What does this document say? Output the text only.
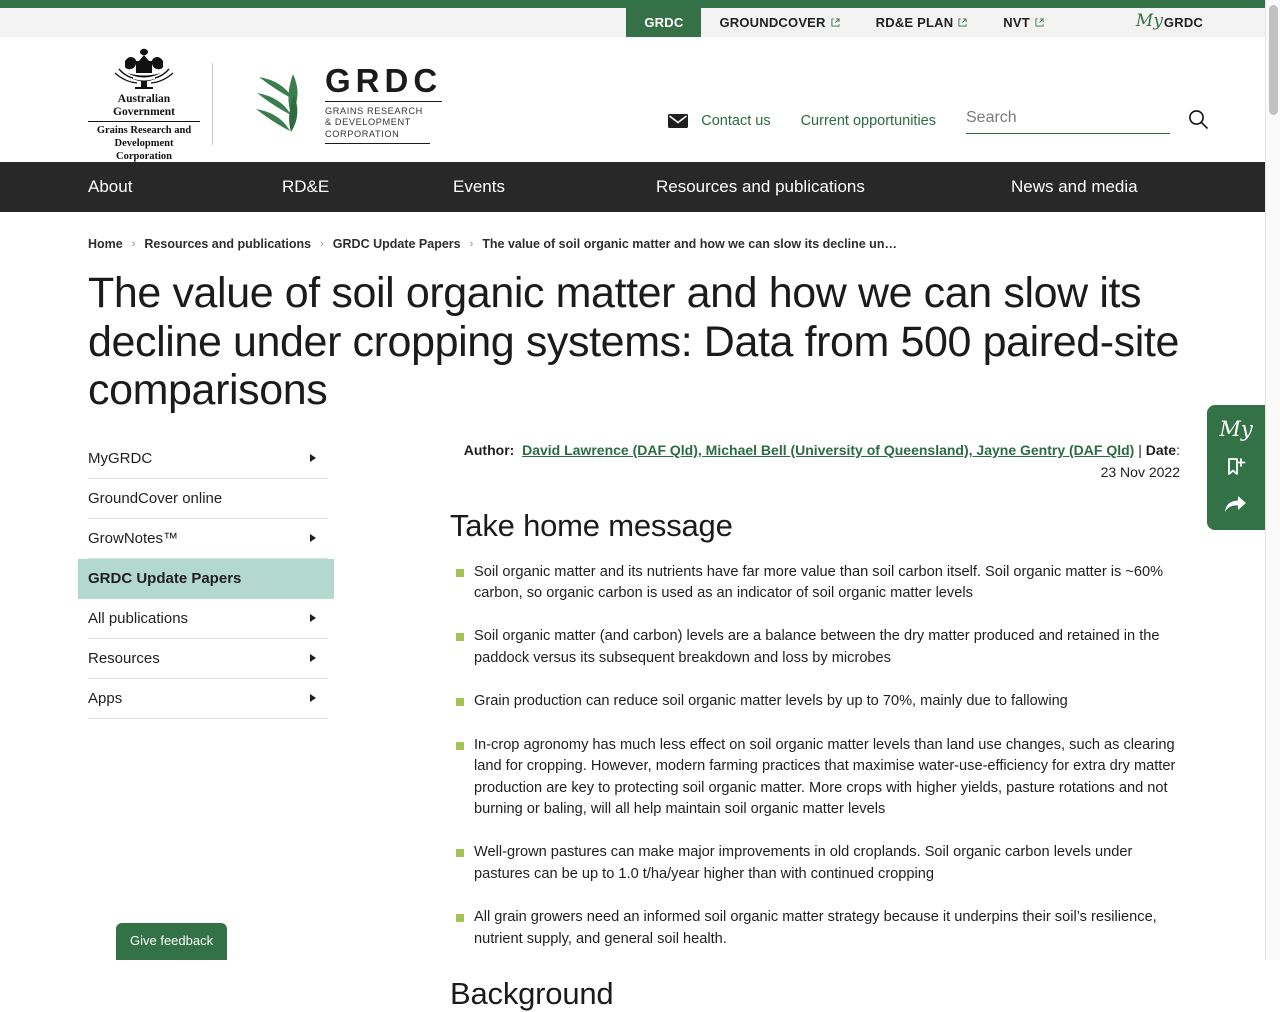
GRDC	GROUNDCOVER	RD&E PLAN	NVT	My GRDC
Australian Government
Grains Research and
Development Corporation
GRDC
GRAINS RESEARCH
& DEVELOPMENT
CORPORATION
Contact us Current opportunities
Search
About	RD&E	Events	Resources and publications	News and media
Home › Resources and publications › GRDC Update Papers › The value of soil organic matter and how we can slow its decline un…
The value of soil organic matter and how we can slow its decline under cropping systems: Data from 500 paired-site comparisons
MyGRDC
GroundCover online
GrowNotes™
GRDC Update Papers
All publications
Resources
Apps
Author: David Lawrence (DAF Qld), Michael Bell (University of Queensland), Jayne Gentry (DAF Qld) | Date: 23 Nov 2022
Take home message
Soil organic matter and its nutrients have far more value than soil carbon itself. Soil organic matter is ~60% carbon, so organic carbon is used as an indicator of soil organic matter levels
Soil organic matter (and carbon) levels are a balance between the dry matter produced and retained in the paddock versus its subsequent breakdown and loss by microbes
Grain production can reduce soil organic matter levels by up to 70%, mainly due to fallowing
In-crop agronomy has much less effect on soil organic matter levels than land use changes, such as clearing land for cropping. However, modern farming practices that maximise water-use-efficiency for extra dry matter production are key to protecting soil organic matter. More crops with higher yields, pasture rotations and not burning or baling, will all help maintain soil organic matter levels
Well-grown pastures can make major improvements in old croplands. Soil organic carbon levels under pastures can be up to 1.0 t/ha/year higher than with continued cropping
All grain growers need an informed soil organic matter strategy because it underpins their soil’s resilience, nutrient supply, and general soil health.
Background
My
Give feedback
